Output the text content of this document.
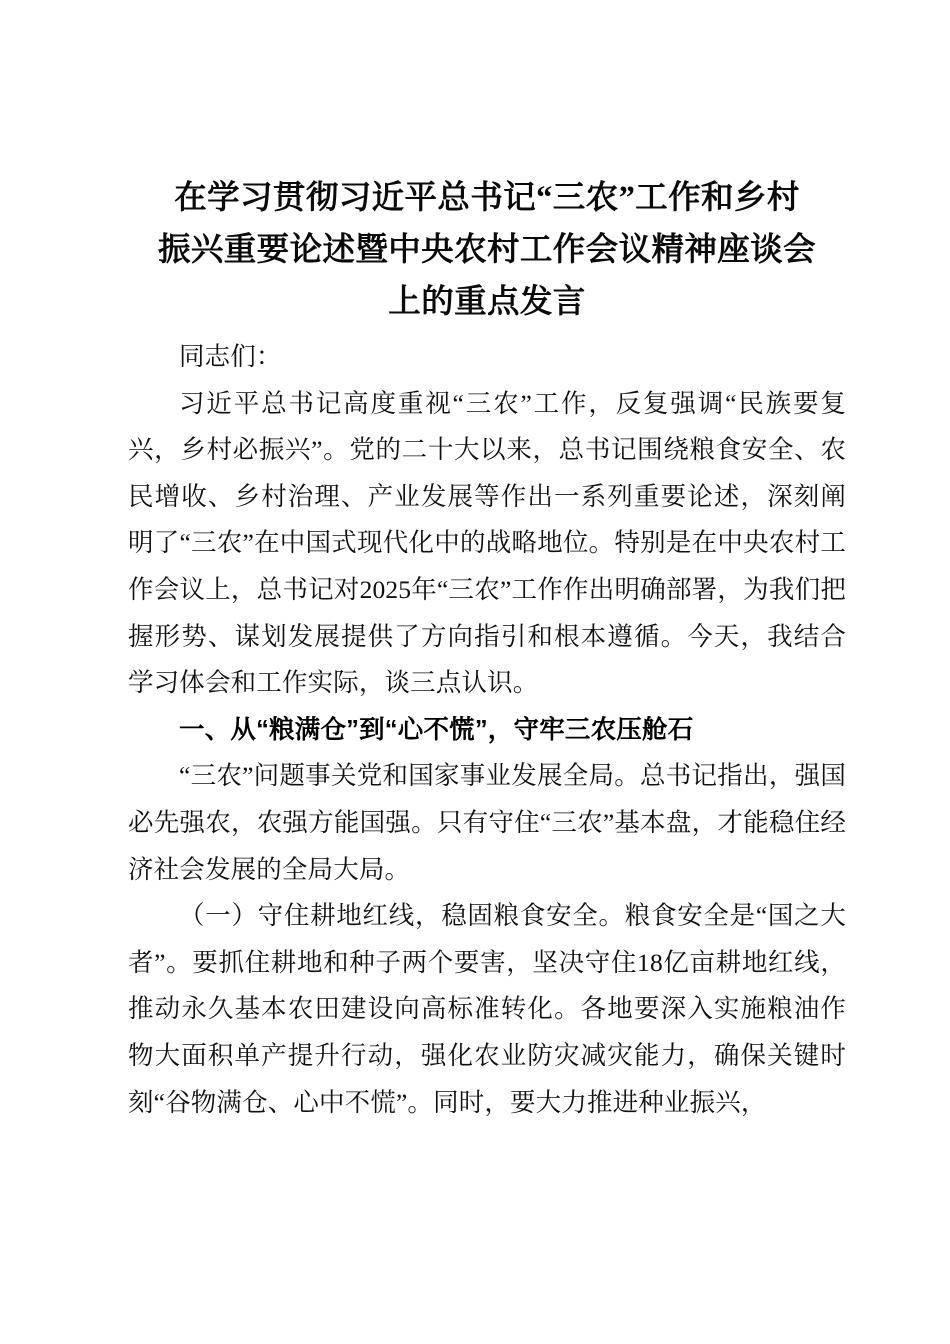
在学习贯彻习近平总书记“三农”工作和乡村
振兴重要论述暨中央农村工作会议精神座谈会
上的重点发言

同志们：

习近平总书记高度重视“三农”工作，反复强调“民族要复兴，乡村必振兴”。党的二十大以来，总书记围绕粮食安全、农民增收、乡村治理、产业发展等作出一系列重要论述，深刻阐明了“三农”在中国式现代化中的战略地位。特别是在中央农村工作会议上，总书记对2025年“三农”工作作出明确部署，为我们把握形势、谋划发展提供了方向指引和根本遵循。今天，我结合学习体会和工作实际，谈三点认识。

一、从“粮满仓”到“心不慌”，守牢三农压舱石

“三农”问题事关党和国家事业发展全局。总书记指出，强国必先强农，农强方能国强。只有守住“三农”基本盘，才能稳住经济社会发展的全局大局。

（一）守住耕地红线，稳固粮食安全。粮食安全是“国之大者”。要抓住耕地和种子两个要害，坚决守住18亿亩耕地红线，推动永久基本农田建设向高标准转化。各地要深入实施粮油作物大面积单产提升行动，强化农业防灾减灾能力，确保关键时刻“谷物满仓、心中不慌”。同时，要大力推进种业振兴，
